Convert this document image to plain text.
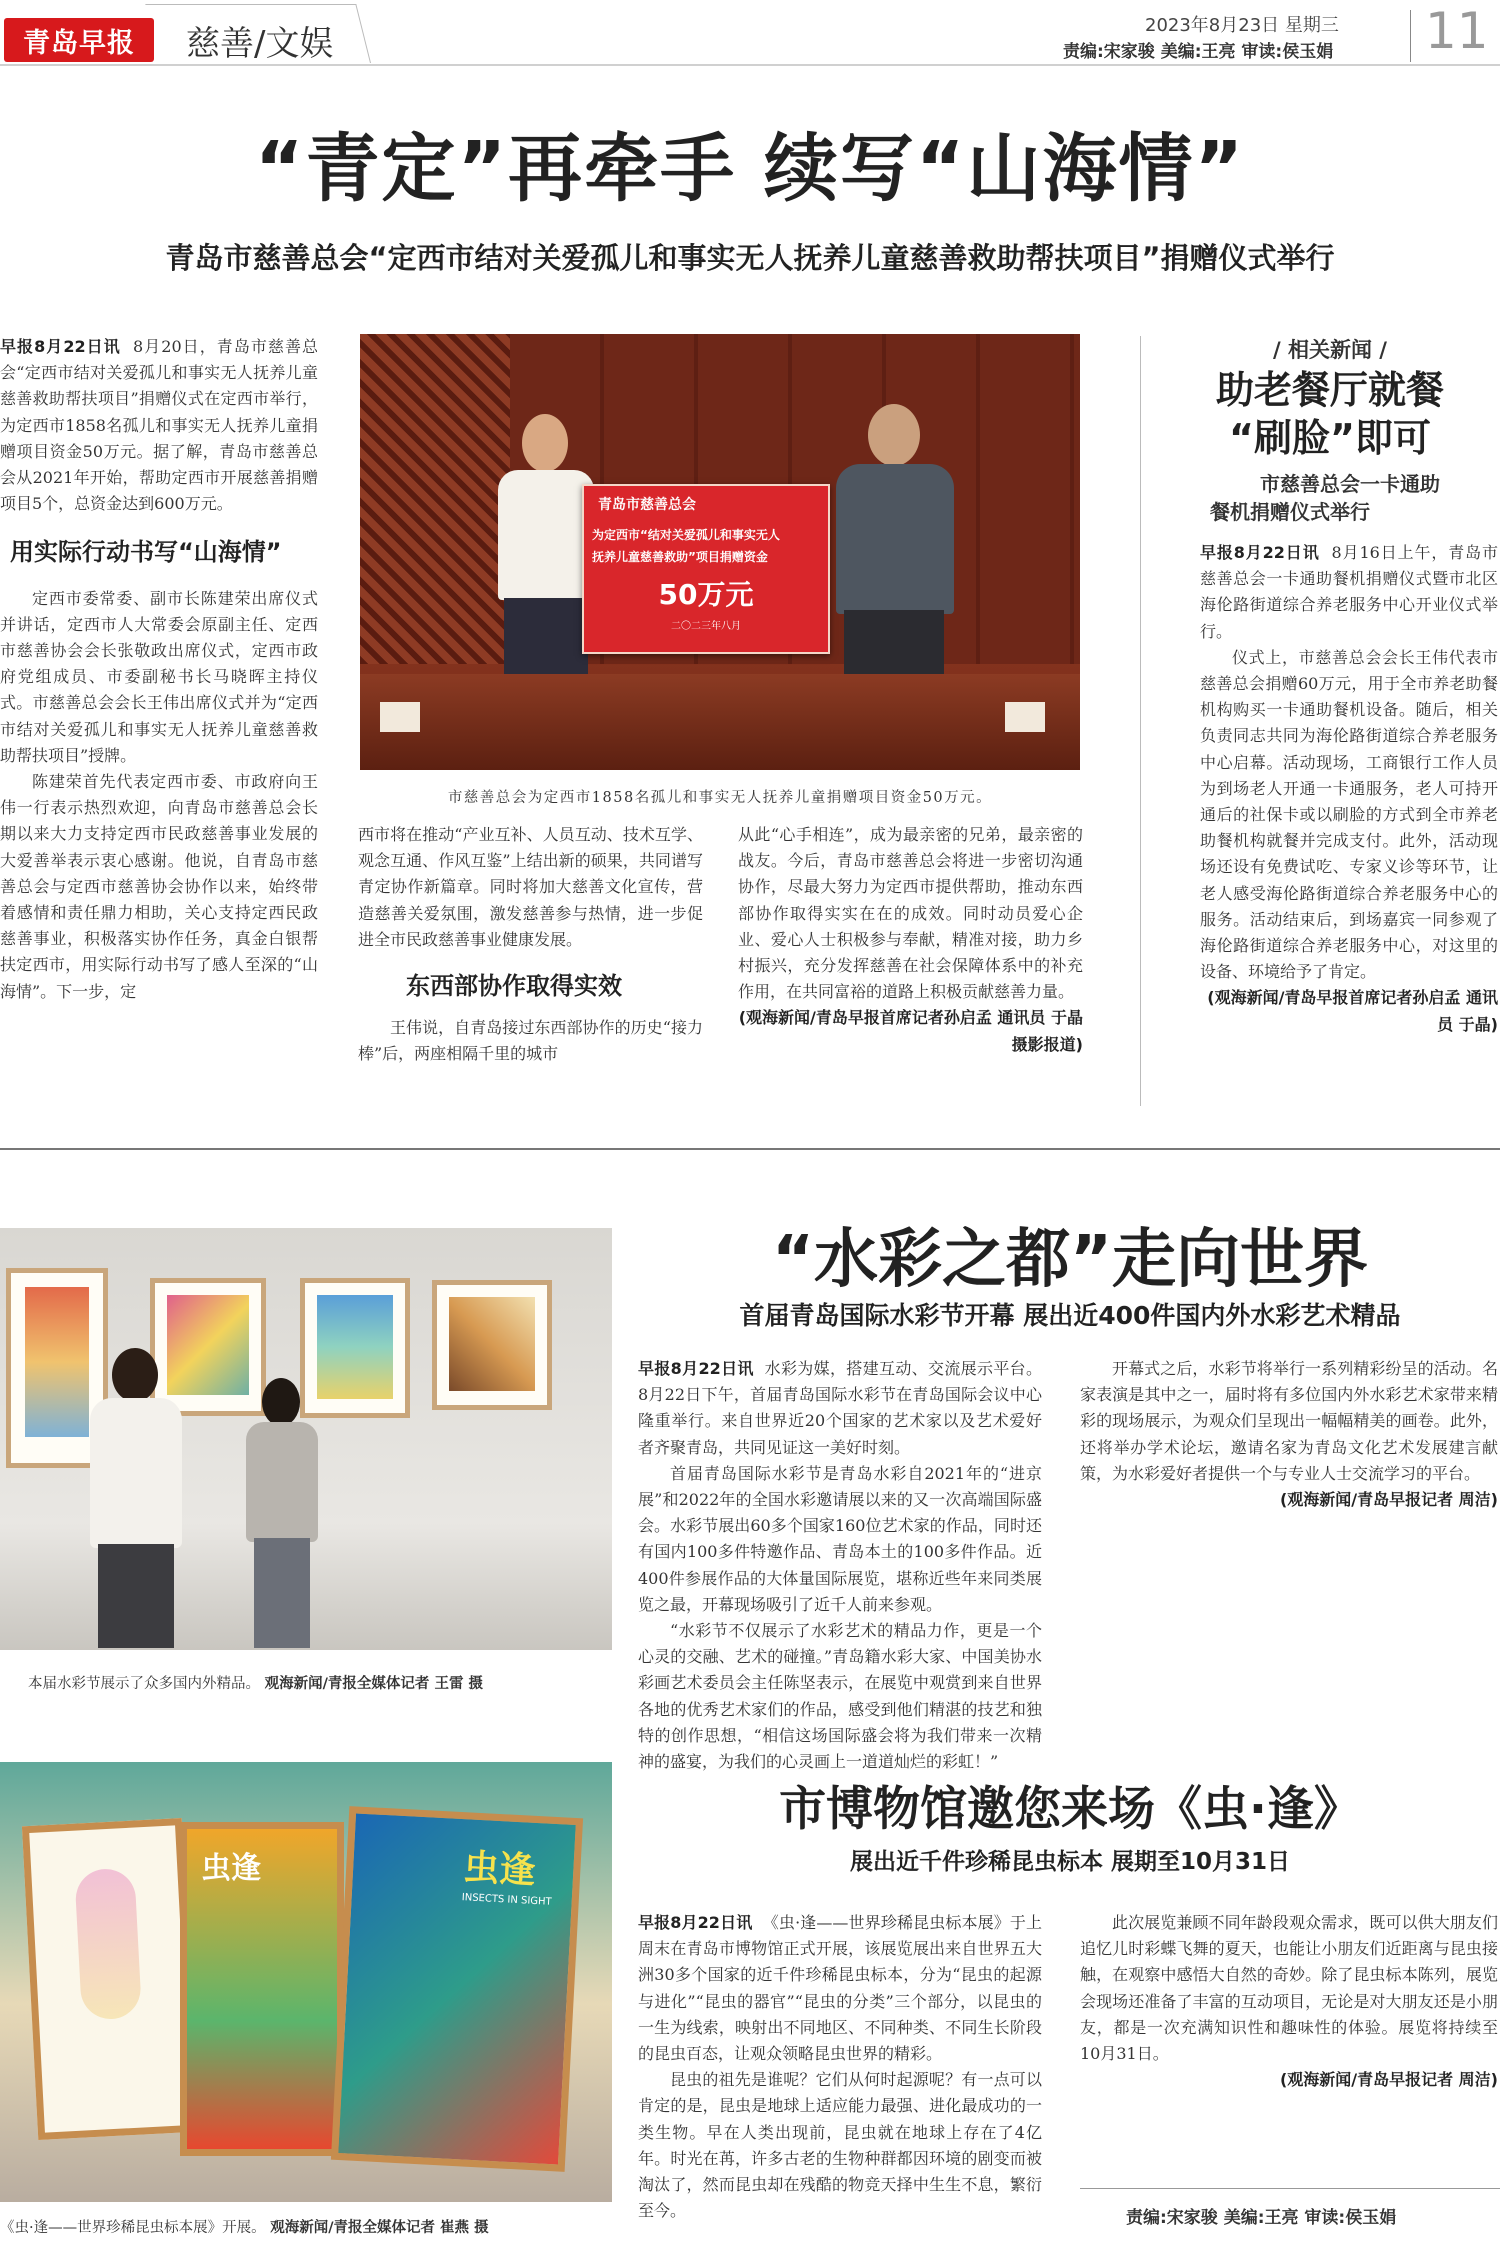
青岛早报 慈善/文娱	2023年8月23日 星期三
责编:宋家骏 美编:王亮 审读:侯玉娟 11
“青定”再牵手 续写“山海情”
青岛市慈善总会“定西市结对关爱孤儿和事实无人抚养儿童慈善救助帮扶项目”捐赠仪式举行

早报8月22日讯 8月20日，青岛市慈善总会“定西市结对关爱孤儿和事实无人抚养儿童慈善救助帮扶项目”捐赠仪式在定西市举行，为定西市1858名孤儿和事实无人抚养儿童捐赠项目资金50万元。据了解，青岛市慈善总会从2021年开始，帮助定西市开展慈善捐赠项目5个，总资金达到600万元。

用实际行动书写“山海情”

定西市委常委、副市长陈建荣出席仪式并讲话，定西市人大常委会原副主任、定西市慈善协会会长张敬政出席仪式，定西市政府党组成员、市委副秘书长马晓晖主持仪式。市慈善总会会长王伟出席仪式并为“定西市结对关爱孤儿和事实无人抚养儿童慈善救助帮扶项目”授牌。

陈建荣首先代表定西市委、市政府向王伟一行表示热烈欢迎，向青岛市慈善总会长期以来大力支持定西市民政慈善事业发展的大爱善举表示衷心感谢。他说，自青岛市慈善总会与定西市慈善协会协作以来，始终带着感情和责任鼎力相助，关心支持定西民政慈善事业，积极落实协作任务，真金白银帮扶定西市，用实际行动书写了感人至深的“山海情”。下一步，定

青岛市慈善总会
为定西市“结对关爱孤儿和事实无人
抚养儿童慈善救助”项目捐赠资金
50万元
二〇二三年八月
市慈善总会为定西市1858名孤儿和事实无人抚养儿童捐赠项目资金50万元。

西市将在推动“产业互补、人员互动、技术互学、观念互通、作风互鉴”上结出新的硕果，共同谱写青定协作新篇章。同时将加大慈善文化宣传，营造慈善关爱氛围，激发慈善参与热情，进一步促进全市民政慈善事业健康发展。

东西部协作取得实效

王伟说，自青岛接过东西部协作的历史“接力棒”后，两座相隔千里的城市

从此“心手相连”，成为最亲密的兄弟，最亲密的战友。今后，青岛市慈善总会将进一步密切沟通协作，尽最大努力为定西市提供帮助，推动东西部协作取得实实在在的成效。同时动员爱心企业、爱心人士积极参与奉献，精准对接，助力乡村振兴，充分发挥慈善在社会保障体系中的补充作用，在共同富裕的道路上积极贡献慈善力量。

(观海新闻/青岛早报首席记者孙启孟 通讯员 于晶 摄影报道)

/ 相关新闻 /
助老餐厅就餐
“刷脸”即可
市慈善总会一卡通助
餐机捐赠仪式举行

早报8月22日讯 8月16日上午，青岛市慈善总会一卡通助餐机捐赠仪式暨市北区海伦路街道综合养老服务中心开业仪式举行。

仪式上，市慈善总会会长王伟代表市慈善总会捐赠60万元，用于全市养老助餐机构购买一卡通助餐机设备。随后，相关负责同志共同为海伦路街道综合养老服务中心启幕。活动现场，工商银行工作人员为到场老人开通一卡通服务，老人可持开通后的社保卡或以刷脸的方式到全市养老助餐机构就餐并完成支付。此外，活动现场还设有免费试吃、专家义诊等环节，让老人感受海伦路街道综合养老服务中心的服务。活动结束后，到场嘉宾一同参观了海伦路街道综合养老服务中心，对这里的设备、环境给予了肯定。

(观海新闻/青岛早报首席记者孙启孟 通讯员 于晶)

本届水彩节展示了众多国内外精品。 观海新闻/青报全媒体记者 王雷 摄
“水彩之都”走向世界
首届青岛国际水彩节开幕 展出近400件国内外水彩艺术精品

早报8月22日讯 水彩为媒，搭建互动、交流展示平台。8月22日下午，首届青岛国际水彩节在青岛国际会议中心隆重举行。来自世界近20个国家的艺术家以及艺术爱好者齐聚青岛，共同见证这一美好时刻。

首届青岛国际水彩节是青岛水彩自2021年的“进京展”和2022年的全国水彩邀请展以来的又一次高端国际盛会。水彩节展出60多个国家160位艺术家的作品，同时还有国内100多件特邀作品、青岛本土的100多件作品。近400件参展作品的大体量国际展览，堪称近些年来同类展览之最，开幕现场吸引了近千人前来参观。

“水彩节不仅展示了水彩艺术的精品力作，更是一个心灵的交融、艺术的碰撞。”青岛籍水彩大家、中国美协水彩画艺术委员会主任陈坚表示，在展览中观赏到来自世界各地的优秀艺术家们的作品，感受到他们精湛的技艺和独特的创作思想，“相信这场国际盛会将为我们带来一次精神的盛宴，为我们的心灵画上一道道灿烂的彩虹！”

开幕式之后，水彩节将举行一系列精彩纷呈的活动。名家表演是其中之一，届时将有多位国内外水彩艺术家带来精彩的现场展示，为观众们呈现出一幅幅精美的画卷。此外，还将举办学术论坛，邀请名家为青岛文化艺术发展建言献策，为水彩爱好者提供一个与专业人士交流学习的平台。

(观海新闻/青岛早报记者 周洁)

虫逢	虫逢
INSECTS IN SIGHT
《虫·逢——世界珍稀昆虫标本展》开展。 观海新闻/青报全媒体记者 崔燕 摄
市博物馆邀您来场《虫·逢》
展出近千件珍稀昆虫标本 展期至10月31日

早报8月22日讯 《虫·逢——世界珍稀昆虫标本展》于上周末在青岛市博物馆正式开展，该展览展出来自世界五大洲30多个国家的近千件珍稀昆虫标本，分为“昆虫的起源与进化”“昆虫的器官”“昆虫的分类”三个部分，以昆虫的一生为线索，映射出不同地区、不同种类、不同生长阶段的昆虫百态，让观众领略昆虫世界的精彩。

昆虫的祖先是谁呢？它们从何时起源呢？有一点可以肯定的是，昆虫是地球上适应能力最强、进化最成功的一类生物。早在人类出现前，昆虫就在地球上存在了4亿年。时光在苒，许多古老的生物种群都因环境的剧变而被淘汰了，然而昆虫却在残酷的物竞天择中生生不息，繁衍至今。

此次展览兼顾不同年龄段观众需求，既可以供大朋友们追忆儿时彩蝶飞舞的夏天，也能让小朋友们近距离与昆虫接触，在观察中感悟大自然的奇妙。除了昆虫标本陈列，展览会现场还准备了丰富的互动项目，无论是对大朋友还是小朋友，都是一次充满知识性和趣味性的体验。展览将持续至10月31日。

(观海新闻/青岛早报记者 周洁)

责编:宋家骏 美编:王亮 审读:侯玉娟
